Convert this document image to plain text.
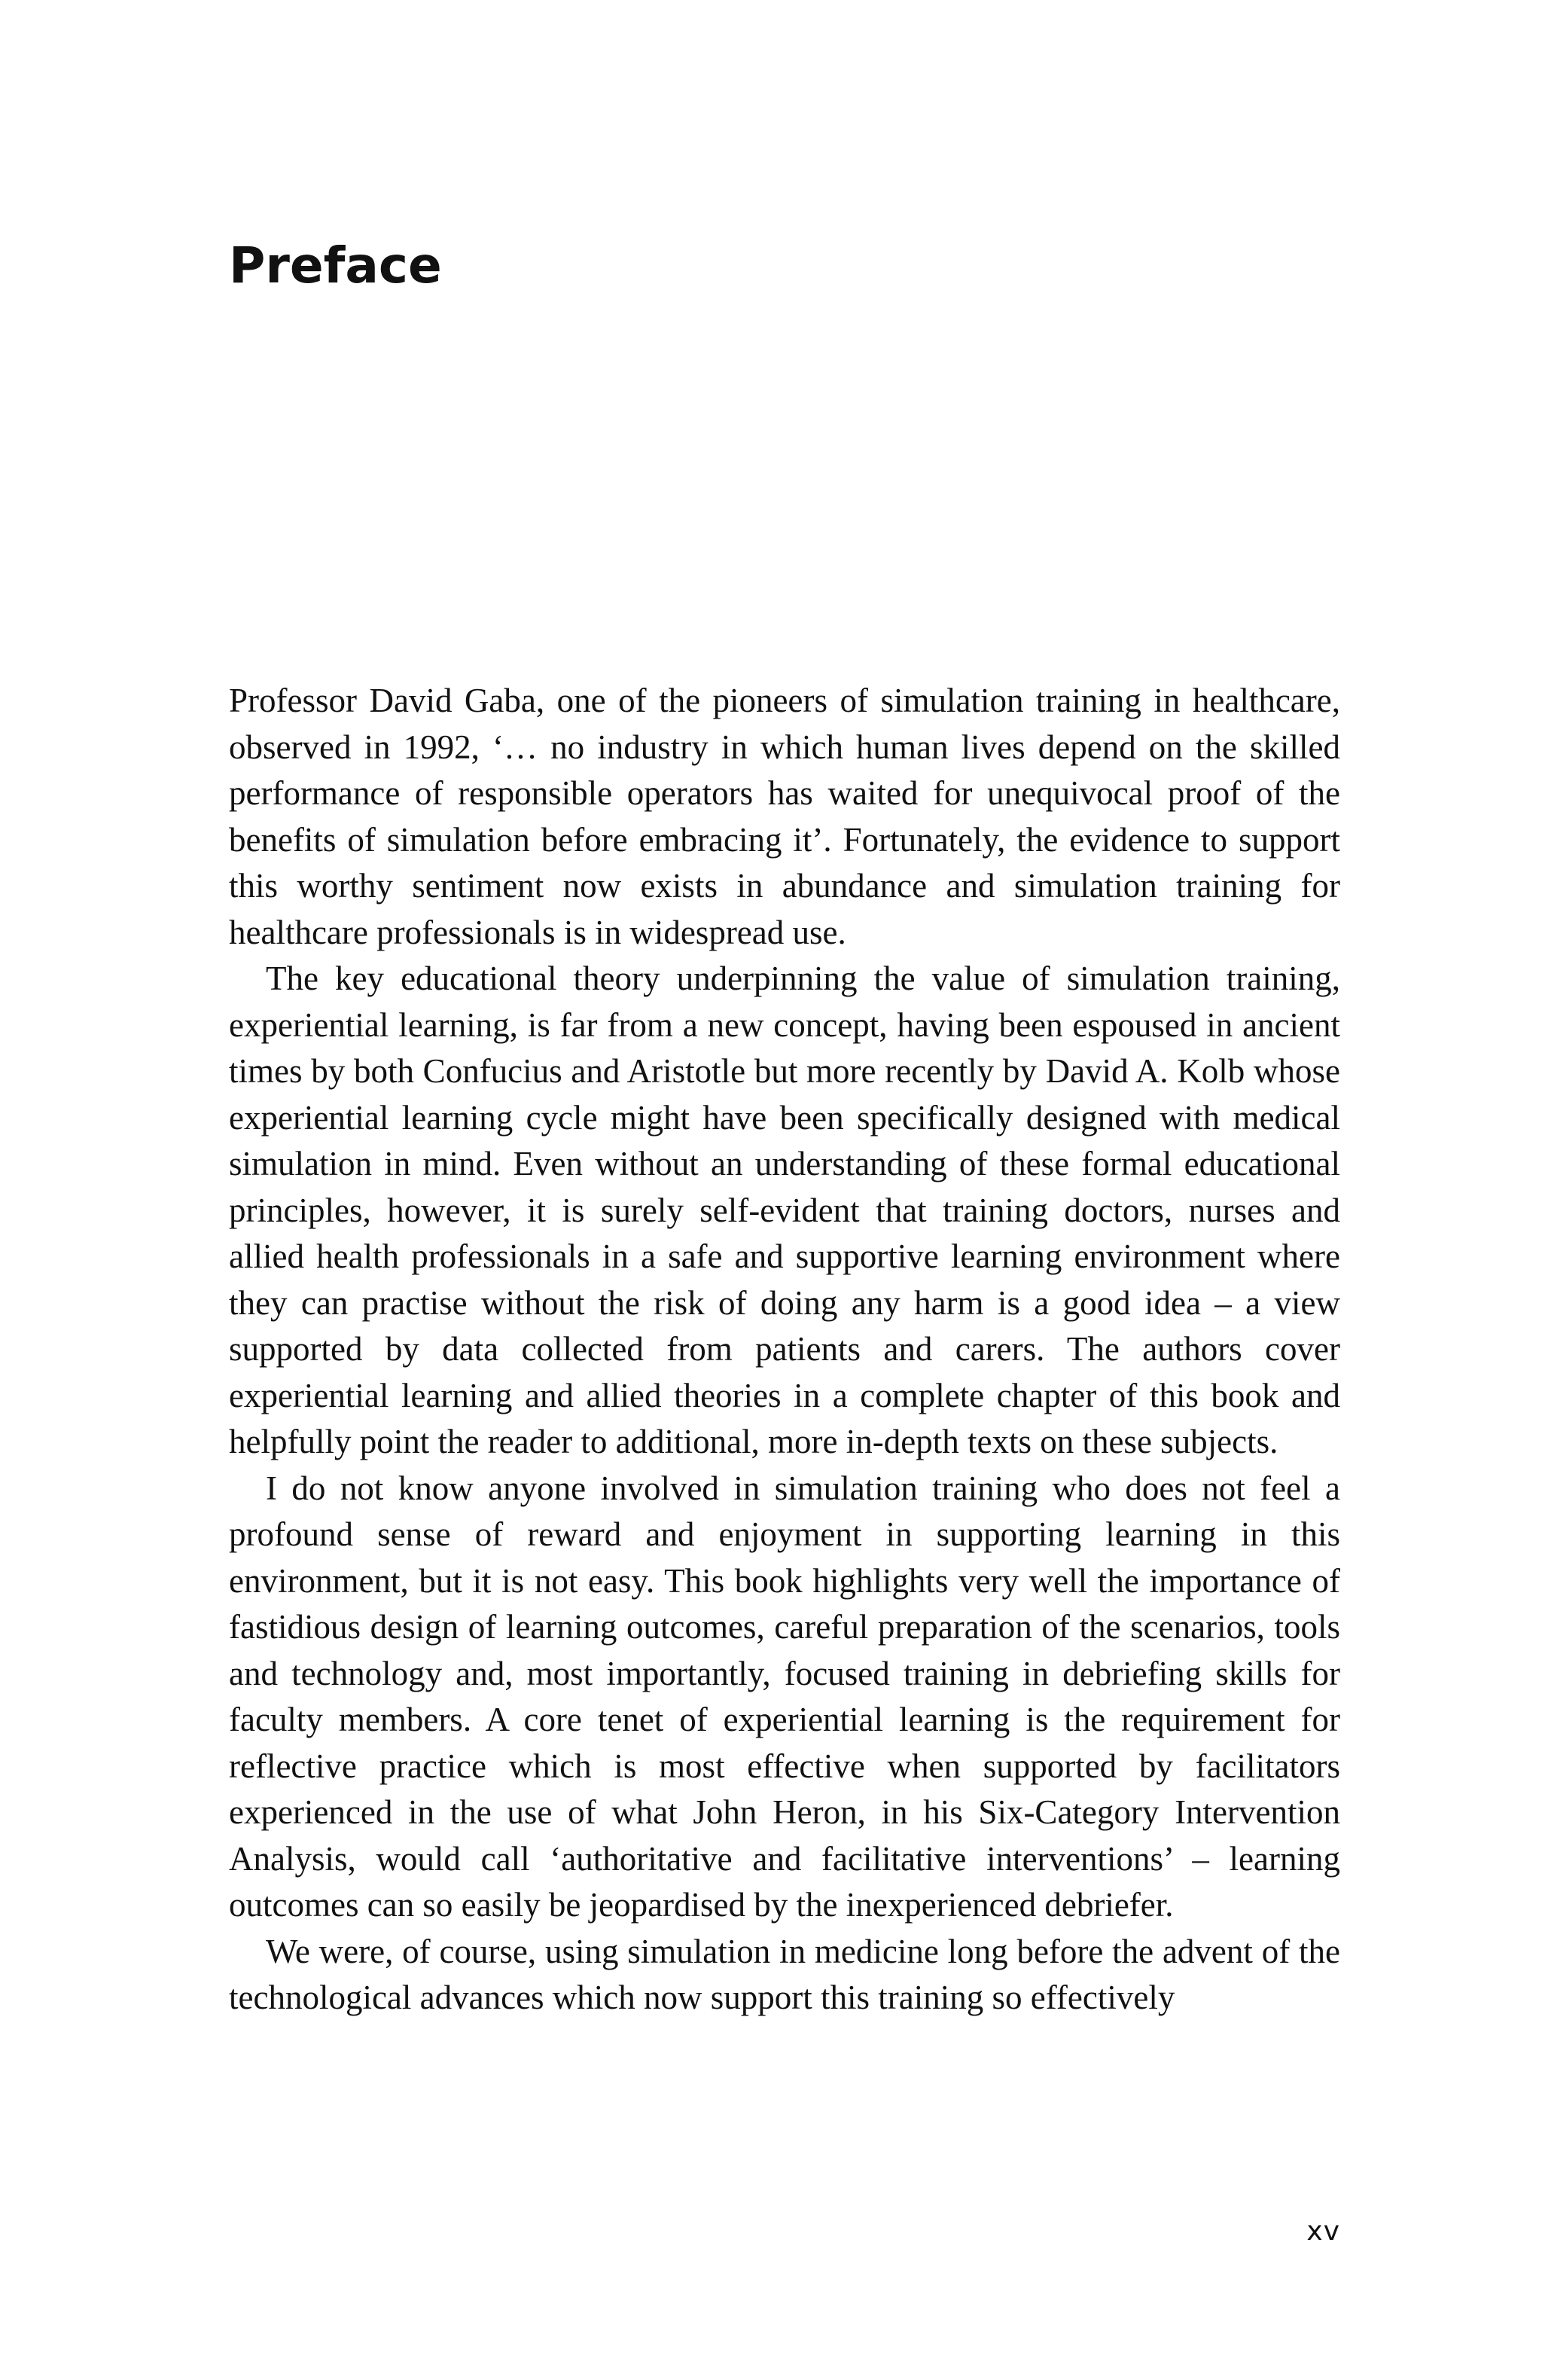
Preface

Professor David Gaba, one of the pioneers of simulation training in healthcare, observed in 1992, ‘… no industry in which human lives depend on the skilled performance of responsible operators has waited for unequivocal proof of the benefits of simulation before embracing it’. Fortunately, the evidence to support this worthy sentiment now exists in abundance and simulation training for healthcare professionals is in widespread use.

The key educational theory underpinning the value of simulation training, experiential learning, is far from a new concept, having been espoused in ancient times by both Confucius and Aristotle but more recently by David A. Kolb whose experiential learning cycle might have been specifically designed with medical simulation in mind. Even without an understanding of these formal educational principles, however, it is surely self-evident that training doctors, nurses and allied health professionals in a safe and supportive learning environment where they can practise without the risk of doing any harm is a good idea – a view supported by data collected from patients and carers. The authors cover experiential learning and allied theories in a complete chapter of this book and helpfully point the reader to additional, more in-depth texts on these subjects.

I do not know anyone involved in simulation training who does not feel a profound sense of reward and enjoyment in supporting learning in this environment, but it is not easy. This book highlights very well the importance of fastidious design of learning outcomes, careful preparation of the scenarios, tools and technology and, most importantly, focused training in debriefing skills for faculty members. A core tenet of experiential learning is the requirement for reflective practice which is most effective when supported by facilitators experienced in the use of what John Heron, in his Six-Category Intervention Analysis, would call ‘authoritative and facilitative interventions’ – learning outcomes can so easily be jeopardised by the inexperienced debriefer.

We were, of course, using simulation in medicine long before the advent of the technological advances which now support this training so effectively

xv
